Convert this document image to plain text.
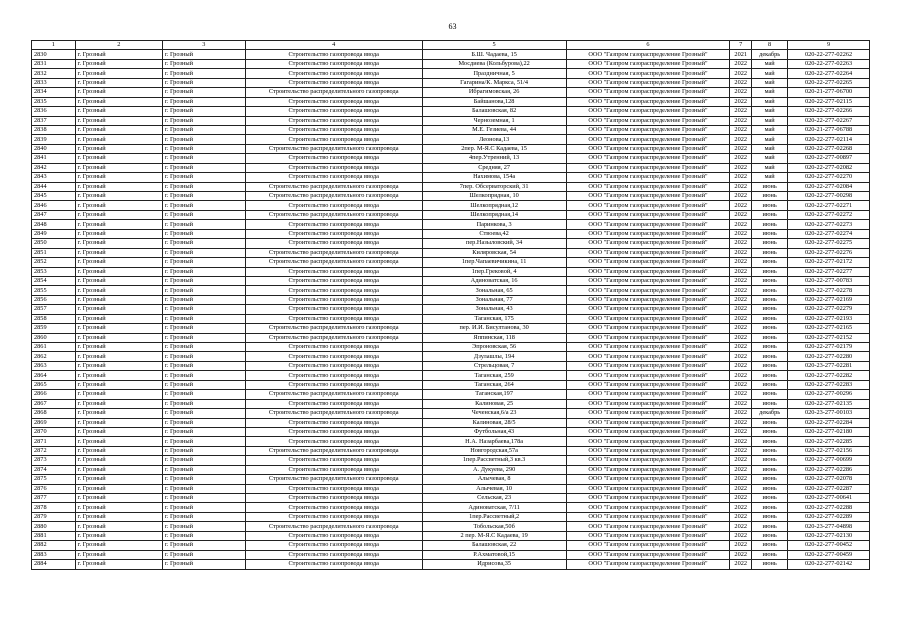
63
1	2	3	4	5	6	7	8	9
2830	г. Грозный	г. Грозный	Строительство газопровода ввода	Б.Ш. Чадаева, 15	ООО "Газпром газораспределение Грозный"	2021	декабрь	020-22-277-02262
2831	г. Грозный	г. Грозный	Строительство газопровода ввода	Мосдиева (Кольбурова),22	ООО "Газпром газораспределение Грозный"	2022	май	020-22-277-02263
2832	г. Грозный	г. Грозный	Строительство газопровода ввода	Праздничная, 5	ООО "Газпром газораспределение Грозный"	2022	май	020-22-277-02264
2833	г. Грозный	г. Грозный	Строительство газопровода ввода	Гагарина/К. Маркса, 51/4	ООО "Газпром газораспределение Грозный"	2022	май	020-22-277-02265
2834	г. Грозный	г. Грозный	Строительство распределительного газопровода	Ибрагимовская, 26	ООО "Газпром газораспределение Грозный"	2022	май	020-21-277-06700
2835	г. Грозный	г. Грозный	Строительство газопровода ввода	Байшанова,128	ООО "Газпром газораспределение Грозный"	2022	май	020-22-277-02115
2836	г. Грозный	г. Грозный	Строительство газопровода ввода	Балашовская, 82	ООО "Газпром газораспределение Грозный"	2022	май	020-22-277-02266
2837	г. Грозный	г. Грозный	Строительство газопровода ввода	Черноземная, 1	ООО "Газпром газораспределение Грозный"	2022	май	020-22-277-02267
2838	г. Грозный	г. Грозный	Строительство газопровода ввода	М.Е. Гезиева, 44	ООО "Газпром газораспределение Грозный"	2022	май	020-21-277-06788
2839	г. Грозный	г. Грозный	Строительство газопровода ввода	Леонова,13	ООО "Газпром газораспределение Грозный"	2022	май	020-22-277-02114
2840	г. Грозный	г. Грозный	Строительство распределительного газопровода	2пер. М-Я.С Кадаева, 15	ООО "Газпром газораспределение Грозный"	2022	май	020-22-277-02268
2841	г. Грозный	г. Грозный	Строительство газопровода ввода	4пер.Утренний, 13	ООО "Газпром газораспределение Грозный"	2022	май	020-22-277-00897
2842	г. Грозный	г. Грозный	Строительство газопровода ввода	Средняя, 27	ООО "Газпром газораспределение Грозный"	2022	май	020-22-277-02082
2843	г. Грозный	г. Грозный	Строительство газопровода ввода	Нахимова, 154а	ООО "Газпром газораспределение Грозный"	2022	май	020-22-277-02270
2844	г. Грозный	г. Грозный	Строительство распределительного газопровода	7пер. Обсерваторский, 31	ООО "Газпром газораспределение Грозный"	2022	июнь	020-22-277-02084
2845	г. Грозный	г. Грозный	Строительство распределительного газопровода	Шелкопрядная, 10	ООО "Газпром газораспределение Грозный"	2022	июнь	020-22-277-00298
2846	г. Грозный	г. Грозный	Строительство газопровода ввода	Шелкопрядная,12	ООО "Газпром газораспределение Грозный"	2022	июнь	020-22-277-02271
2847	г. Грозный	г. Грозный	Строительство распределительного газопровода	Шелкопрядная,14	ООО "Газпром газораспределение Грозный"	2022	июнь	020-22-277-02272
2848	г. Грозный	г. Грозный	Строительство газопровода ввода	Паринкова, 3	ООО "Газпром газораспределение Грозный"	2022	июнь	020-22-277-02273
2849	г. Грозный	г. Грозный	Строительство газопровода ввода	Ствоева,42	ООО "Газпром газораспределение Грозный"	2022	июнь	020-22-277-02274
2850	г. Грозный	г. Грозный	Строительство газопровода ввода	пер.Назыловский, 34	ООО "Газпром газораспределение Грозный"	2022	июнь	020-22-277-02275
2851	г. Грозный	г. Грозный	Строительство распределительного газопровода	Киляровская, 54	ООО "Газпром газораспределение Грозный"	2022	июнь	020-22-277-02276
2852	г. Грозный	г. Грозный	Строительство распределительного газопровода	1пер.Чапаевичикина, 11	ООО "Газпром газораспределение Грозный"	2022	июнь	020-22-277-02172
2853	г. Грозный	г. Грозный	Строительство газопровода ввода	1пер.Грековой, 4	ООО "Газпром газораспределение Грозный"	2022	июнь	020-22-277-02277
2854	г. Грозный	г. Грозный	Строительство газопровода ввода	Адиноватская, 16	ООО "Газпром газораспределение Грозный"	2022	июнь	020-22-277-00783
2855	г. Грозный	г. Грозный	Строительство газопровода ввода	Зональная, 65	ООО "Газпром газораспределение Грозный"	2022	июнь	020-22-277-02278
2856	г. Грозный	г. Грозный	Строительство газопровода ввода	Зональная, 77	ООО "Газпром газораспределение Грозный"	2022	июнь	020-22-277-02169
2857	г. Грозный	г. Грозный	Строительство газопровода ввода	Зональная, 43	ООО "Газпром газораспределение Грозный"	2022	июнь	020-22-277-02279
2858	г. Грозный	г. Грозный	Строительство газопровода ввода	Таганская, 175	ООО "Газпром газораспределение Грозный"	2022	июнь	020-22-277-02193
2859	г. Грозный	г. Грозный	Строительство распределительного газопровода	пер. И.И. Бисултанова, 30	ООО "Газпром газораспределение Грозный"	2022	июнь	020-22-277-02165
2860	г. Грозный	г. Грозный	Строительство распределительного газопровода	Яппинская, 118	ООО "Газпром газораспределение Грозный"	2022	июнь	020-22-277-02152
2861	г. Грозный	г. Грозный	Строительство газопровода ввода	Эпроновская, 56	ООО "Газпром газораспределение Грозный"	2022	июнь	020-22-277-02179
2862	г. Грозный	г. Грозный	Строительство газопровода ввода	Дзулашлы, 194	ООО "Газпром газораспределение Грозный"	2022	июнь	020-22-277-02280
2863	г. Грозный	г. Грозный	Строительство газопровода ввода	Стрельцовая, 7	ООО "Газпром газораспределение Грозный"	2022	июнь	020-23-277-02281
2864	г. Грозный	г. Грозный	Строительство газопровода ввода	Таганская, 259	ООО "Газпром газораспределение Грозный"	2022	июнь	020-22-277-02282
2865	г. Грозный	г. Грозный	Строительство газопровода ввода	Таганская, 264	ООО "Газпром газораспределение Грозный"	2022	июнь	020-22-277-02283
2866	г. Грозный	г. Грозный	Строительство распределительного газопровода	Таганская,197	ООО "Газпром газораспределение Грозный"	2022	июнь	020-22-277-00296
2867	г. Грозный	г. Грозный	Строительство газопровода ввода	Калиновая, 25	ООО "Газпром газораспределение Грозный"	2022	июнь	020-22-277-02135
2868	г. Грозный	г. Грозный	Строительство распределительного газопровода	Чеченская,6/а 23	ООО "Газпром газораспределение Грозный"	2022	декабрь	020-23-277-00103
2869	г. Грозный	г. Грозный	Строительство газопровода ввода	Калиновая, 28/5	ООО "Газпром газораспределение Грозный"	2022	июнь	020-22-277-02284
2870	г. Грозный	г. Грозный	Строительство газопровода ввода	Футбольная,43	ООО "Газпром газораспределение Грозный"	2022	июнь	020-22-277-02180
2871	г. Грозный	г. Грозный	Строительство газопровода ввода	Н.А. Назарбаева,178а	ООО "Газпром газораспределение Грозный"	2022	июнь	020-22-277-02285
2872	г. Грозный	г. Грозный	Строительство распределительного газопровода	Новгородская,57а	ООО "Газпром газораспределение Грозный"	2022	июнь	020-22-277-02156
2873	г. Грозный	г. Грозный	Строительство газопровода ввода	1пер.Рассветный,3 кв.3	ООО "Газпром газораспределение Грозный"	2022	июнь	020-22-277-00699
2874	г. Грозный	г. Грозный	Строительство газопровода ввода	А. Дукуева, 290	ООО "Газпром газораспределение Грозный"	2022	июнь	020-22-277-02286
2875	г. Грозный	г. Грозный	Строительство распределительного газопровода	Алычевая, 8	ООО "Газпром газораспределение Грозный"	2022	июнь	020-22-277-02078
2876	г. Грозный	г. Грозный	Строительство газопровода ввода	Алычевая, 10	ООО "Газпром газораспределение Грозный"	2022	июнь	020-22-277-02287
2877	г. Грозный	г. Грозный	Строительство газопровода ввода	Сельская, 23	ООО "Газпром газораспределение Грозный"	2022	июнь	020-22-277-00641
2878	г. Грозный	г. Грозный	Строительство газопровода ввода	Адиноватская, 7/11	ООО "Газпром газораспределение Грозный"	2022	июнь	020-22-277-02288
2879	г. Грозный	г. Грозный	Строительство газопровода ввода	1пер.Рассветный,2	ООО "Газпром газораспределение Грозный"	2022	июнь	020-22-277-02289
2880	г. Грозный	г. Грозный	Строительство распределительного газопровода	Тобольская,50б	ООО "Газпром газораспределение Грозный"	2022	июнь	020-23-277-04898
2881	г. Грозный	г. Грозный	Строительство газопровода ввода	2 пер. М-Я.С Кадаева, 19	ООО "Газпром газораспределение Грозный"	2022	июнь	020-22-277-02130
2882	г. Грозный	г. Грозный	Строительство газопровода ввода	Балашовская, 22	ООО "Газпром газораспределение Грозный"	2022	июнь	020-22-277-00452
2883	г. Грозный	г. Грозный	Строительство газопровода ввода	Р.Ахматовой,15	ООО "Газпром газораспределение Грозный"	2022	июнь	020-22-277-00459
2884	г. Грозный	г. Грозный	Строительство газопровода ввода	Идрисова,35	ООО "Газпром газораспределение Грозный"	2022	июнь	020-22-277-02142
